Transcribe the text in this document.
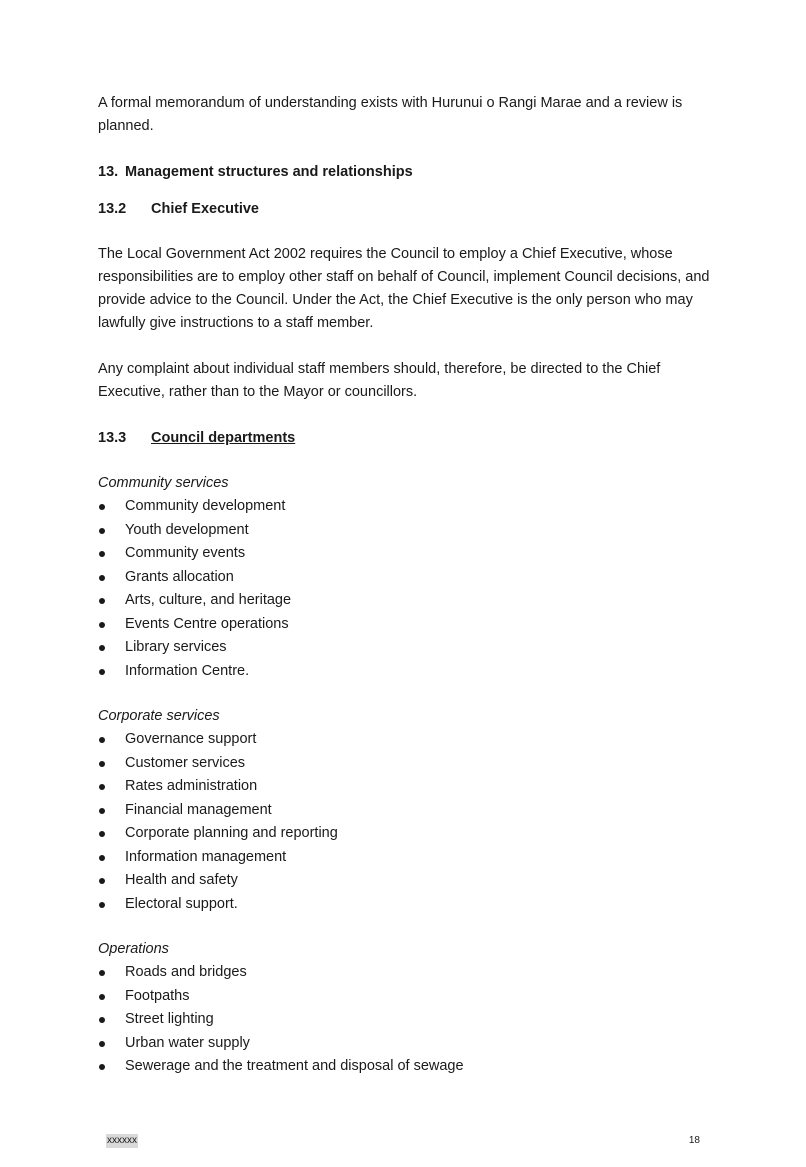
A formal memorandum of understanding exists with Hurunui o Rangi Marae and a review is planned.

13. Management structures and relationships

13.2 Chief Executive

The Local Government Act 2002 requires the Council to employ a Chief Executive, whose responsibilities are to employ other staff on behalf of Council, implement Council decisions, and provide advice to the Council. Under the Act, the Chief Executive is the only person who may lawfully give instructions to a staff member.

Any complaint about individual staff members should, therefore, be directed to the Chief Executive, rather than to the Mayor or councillors.

13.3 Council departments

Community services

Community development
Youth development
Community events
Grants allocation
Arts, culture, and heritage
Events Centre operations
Library services
Information Centre.

Corporate services

Governance support
Customer services
Rates administration
Financial management
Corporate planning and reporting
Information management
Health and safety
Electoral support.

Operations

Roads and bridges
Footpaths
Street lighting
Urban water supply
Sewerage and the treatment and disposal of sewage
xxxxxx	18
